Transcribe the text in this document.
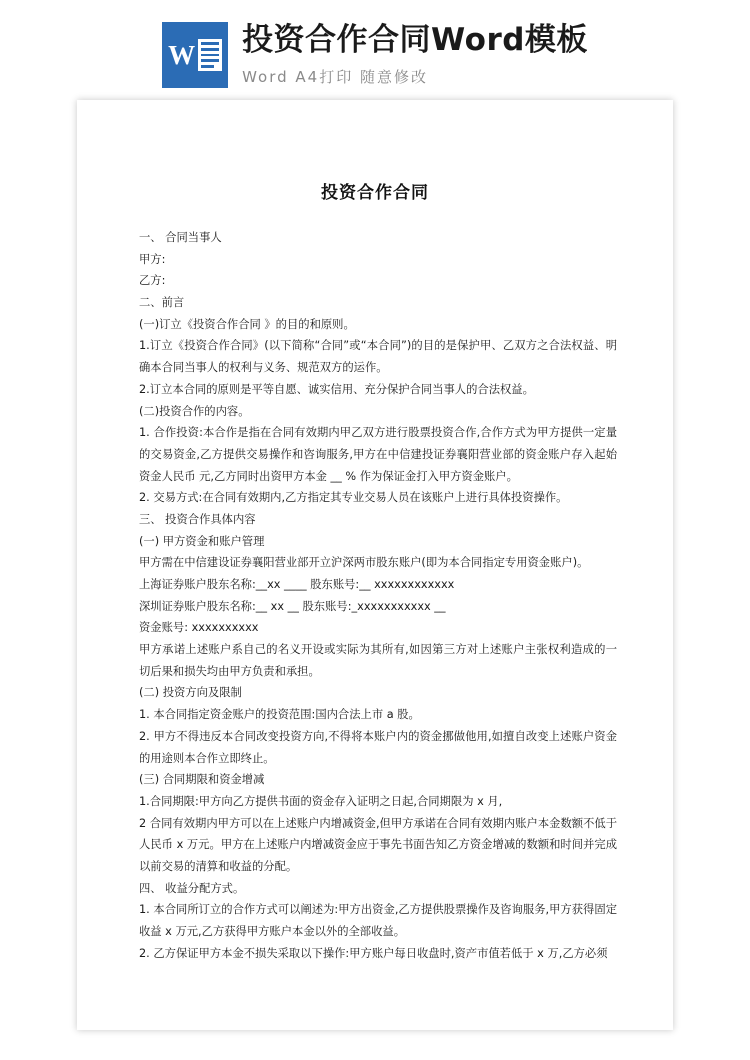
W 投资合作合同Word模板
Word A4打印 随意修改
投资合作合同

一、 合同当事人

甲方:

乙方:

二、前言

(一)订立《投资合作合同 》的目的和原则。

1.订立《投资合作合同》(以下简称“合同”或“本合同”)的目的是保护甲、乙双方之合法权益、明确本合同当事人的权利与义务、规范双方的运作。

2.订立本合同的原则是平等自愿、诚实信用、充分保护合同当事人的合法权益。

(二)投资合作的内容。

1. 合作投资:本合作是指在合同有效期内甲乙双方进行股票投资合作,合作方式为甲方提供一定量的交易资金,乙方提供交易操作和咨询服务,甲方在中信建投证券襄阳营业部的资金账户存入起始资金人民币 元,乙方同时出资甲方本金 __ % 作为保证金打入甲方资金账户。

2. 交易方式:在合同有效期内,乙方指定其专业交易人员在该账户上进行具体投资操作。

三、 投资合作具体内容

(一) 甲方资金和账户管理

甲方需在中信建设证券襄阳营业部开立沪深两市股东账户(即为本合同指定专用资金账户)。

上海证券账户股东名称:__xx ____ 股东账号:__ xxxxxxxxxxxx

深圳证券账户股东名称:__ xx __ 股东账号:_xxxxxxxxxxx __

资金账号: xxxxxxxxxx

甲方承诺上述账户系自己的名义开设或实际为其所有,如因第三方对上述账户主张权利造成的一切后果和损失均由甲方负责和承担。

(二) 投资方向及限制

1. 本合同指定资金账户的投资范围:国内合法上市 a 股。

2. 甲方不得违反本合同改变投资方向,不得将本账户内的资金挪做他用,如擅自改变上述账户资金的用途则本合作立即终止。

(三) 合同期限和资金增减

1.合同期限:甲方向乙方提供书面的资金存入证明之日起,合同期限为 x 月,

2 合同有效期内甲方可以在上述账户内增减资金,但甲方承诺在合同有效期内账户本金数额不低于人民币 x 万元。甲方在上述账户内增减资金应于事先书面告知乙方资金增减的数额和时间并完成以前交易的清算和收益的分配。

四、 收益分配方式。

1. 本合同所订立的合作方式可以阐述为:甲方出资金,乙方提供股票操作及咨询服务,甲方获得固定收益 x 万元,乙方获得甲方账户本金以外的全部收益。

2. 乙方保证甲方本金不损失采取以下操作:甲方账户每日收盘时,资产市值若低于 x 万,乙方必须
